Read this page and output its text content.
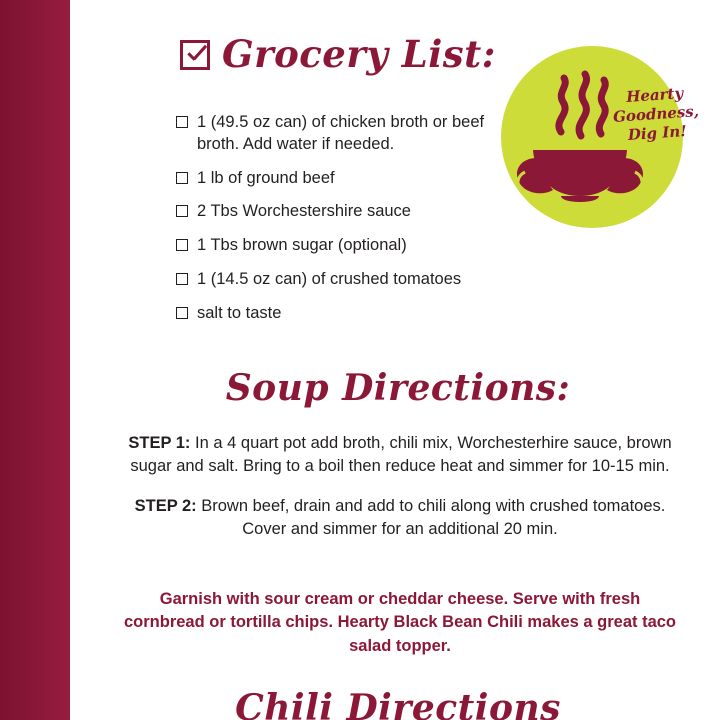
Grocery List:
1 (49.5 oz can) of chicken broth or beef broth. Add water if needed.
1 lb of ground beef
2 Tbs Worchestershire sauce
1 Tbs brown sugar (optional)
1 (14.5 oz can) of crushed tomatoes
salt to taste
Hearty Goodness, Dig In!
Soup Directions:
STEP 1: In a 4 quart pot add broth, chili mix, Worchesterhire sauce, brown sugar and salt. Bring to a boil then reduce heat and simmer for 10-15 min.
STEP 2: Brown beef, drain and add to chili along with crushed tomatoes. Cover and simmer for an additional 20 min.
Garnish with sour cream or cheddar cheese. Serve with fresh cornbread or tortilla chips. Hearty Black Bean Chili makes a great taco salad topper.
Chili Directions
